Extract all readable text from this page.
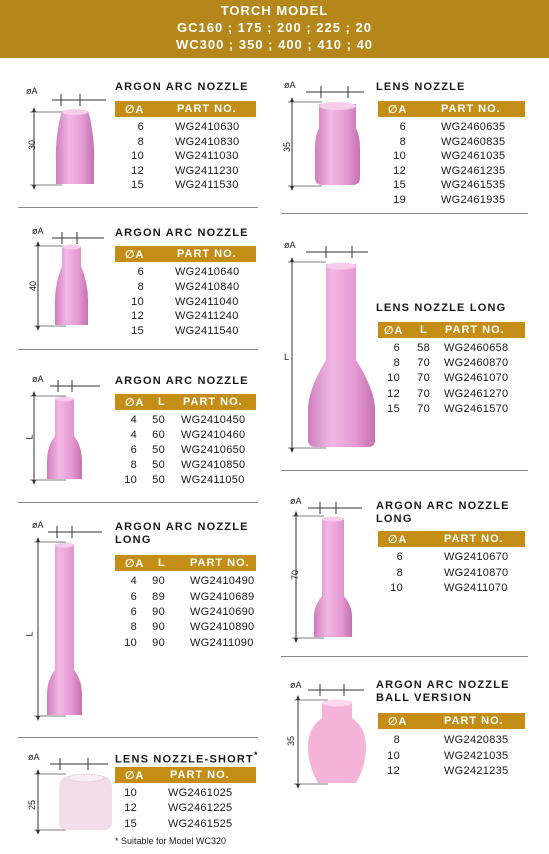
TORCH MODEL
GC160 ; 175 ; 200 ; 225 ; 20
WC300 ; 350 ; 400 ; 410 ; 40
øA
30
ARGON ARC NOZZLE
∅A	PART NO.
6	WG2410630
8	WG2410830
10	WG2411030
12	WG2411230
15	WG2411530
øA
40
ARGON ARC NOZZLE
∅A	PART NO.
6	WG2410640
8	WG2410840
10	WG2411040
12	WG2411240
15	WG2411540
øA
L
ARGON ARC NOZZLE
∅A L PART NO.
4	50 WG2410450
4	60 WG2410460
6	50 WG2410650
8	50 WG2410850
10	50 WG2411050
øA
L
ARGON ARC NOZZLE
LONG
∅A L PART NO.
4	90 WG2410490
6	89 WG2410689
6	90 WG2410690
8	90 WG2410890
10	90 WG2411090
øA
25
LENS NOZZLE-SHORT*
∅A PART NO.
10	WG2461025
12	WG2461225
15	WG2461525
* Suitable for Model WC320
øA
35
LENS NOZZLE
∅A	PART NO.
6	WG2460635
8	WG2460835
10	WG2461035
12	WG2461235
15	WG2461535
19	WG2461935
øA
L
LENS NOZZLE LONG
∅A L PART NO.
6	58 WG2460658
8	70 WG2460870
10	70 WG2461070
12	70 WG2461270
15	70 WG2461570
øA
70
ARGON ARC NOZZLE
LONG
∅A	PART NO.
6	WG2410670
8	WG2410870
10	WG2411070
øA
35
ARGON ARC NOZZLE
BALL VERSION
∅A	PART NO.
8	WG2420835
10	WG2421035
12	WG2421235
